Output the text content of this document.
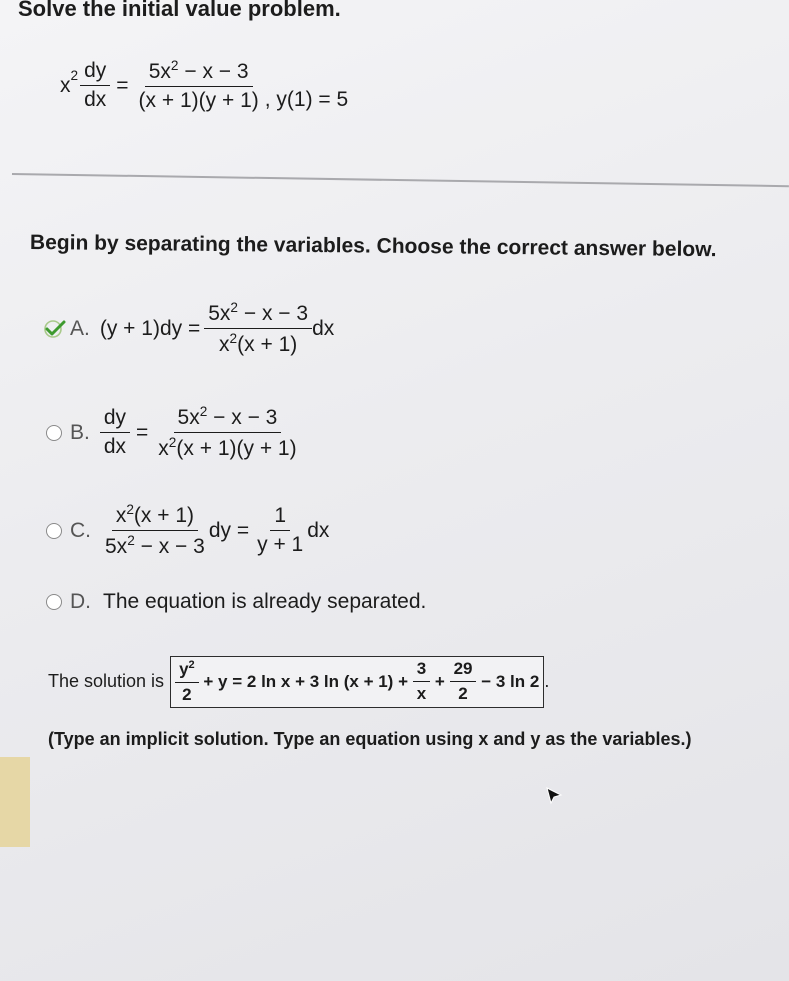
Solve the initial value problem.
$x^2 \frac{dy}{dx} = \frac{5x^2 - x - 3}{(x + 1)(y + 1)}$ , y(1) = 5
Begin by separating the variables. Choose the correct answer below.
A. $(y + 1)dy = \frac{5x^2 - x - 3}{x^2(x + 1)}$ dx
B. $\frac{dy}{dx} = \frac{5x^2 - x - 3}{x^2(x + 1)(y + 1)}$
C. $\frac{x^2(x + 1)}{5x^2 - x - 3}$ dy = $\frac{1}{y + 1}$ dx
D. The equation is already separated.
The solution is $\frac{y^2}{2} + y = 2$ ln x + 3 $\ln (x + 1) + \frac{3}{x} + \frac{29}{2} - 3$ ln 2 .
(Type an implicit solution. Type an equation using x and y as the variables.)
